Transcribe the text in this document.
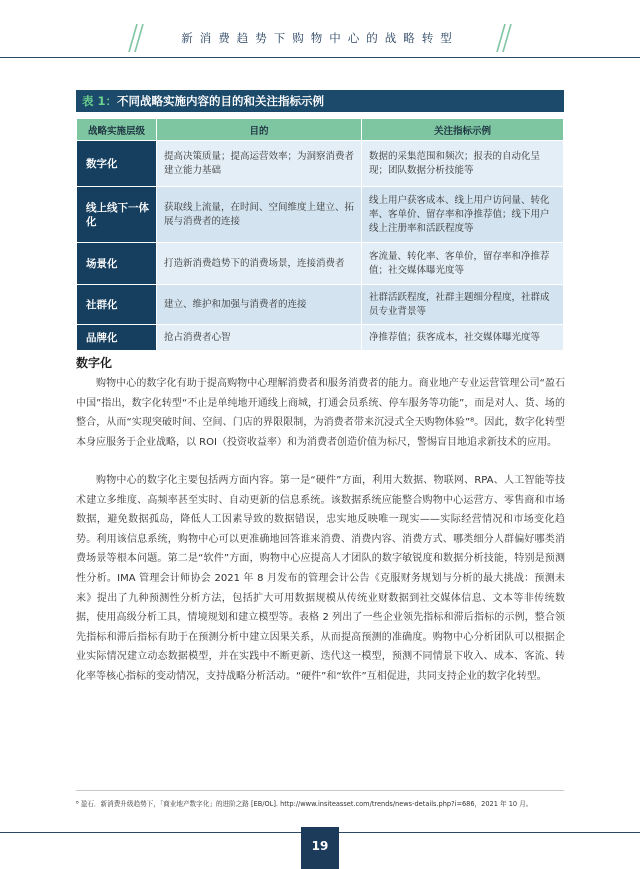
新消费趋势下购物中心的战略转型
表 1：不同战略实施内容的目的和关注指标示例
战略实施层级	目的	关注指标示例
数字化	提高决策质量；提高运营效率；为洞察消费者建立能力基础	数据的采集范围和频次；报表的自动化呈现；团队数据分析技能等
线上线下一体化	获取线上流量，在时间、空间维度上建立、拓展与消费者的连接	线上用户获客成本、线上用户访问量、转化率、客单价、留存率和净推荐值；线下用户线上注册率和活跃程度等
场景化	打造新消费趋势下的消费场景，连接消费者	客流量、转化率、客单价，留存率和净推荐值；社交媒体曝光度等
社群化	建立、维护和加强与消费者的连接	社群活跃程度，社群主题细分程度，社群成员专业背景等
品牌化	抢占消费者心智	净推荐值；获客成本，社交媒体曝光度等
数字化

购物中心的数字化有助于提高购物中心理解消费者和服务消费者的能力。商业地产专业运营管理公司“盈石中国”指出，数字化转型“不止是单纯地开通线上商城，打通会员系统、停车服务等功能”，而是对人、货、场的整合，从而“实现突破时间、空间、门店的界限限制，为消费者带来沉浸式全天购物体验”⁸。因此，数字化转型本身应服务于企业战略，以 ROI（投资收益率）和为消费者创造价值为标尺，警惕盲目地追求新技术的应用。

购物中心的数字化主要包括两方面内容。第一是“硬件”方面，利用大数据、物联网、RPA、人工智能等技术建立多维度、高频率甚至实时、自动更新的信息系统。该数据系统应能整合购物中心运营方、零售商和市场数据，避免数据孤岛，降低人工因素导致的数据错误，忠实地反映唯一现实——实际经营情况和市场变化趋势。利用该信息系统，购物中心可以更准确地回答谁来消费、消费内容、消费方式、哪类细分人群偏好哪类消费场景等根本问题。第二是“软件”方面，购物中心应提高人才团队的数字敏锐度和数据分析技能，特别是预测性分析。IMA 管理会计师协会 2021 年 8 月发布的管理会计公告《克服财务规划与分析的最大挑战：预测未来》提出了九种预测性分析方法，包括扩大可用数据规模从传统业财数据到社交媒体信息、文本等非传统数据，使用高级分析工具，情境规划和建立模型等。表格 2 列出了一些企业领先指标和滞后指标的示例，整合领先指标和滞后指标有助于在预测分析中建立因果关系，从而提高预测的准确度。购物中心分析团队可以根据企业实际情况建立动态数据模型，并在实践中不断更新、迭代这一模型，预测不同情景下收入、成本、客流、转化率等核心指标的变动情况，支持战略分析活动。“硬件”和“软件”互相促进，共同支持企业的数字化转型。

⁸ 盈石．新消费升级趋势下，「商业地产数字化」的进阶之路 [EB/OL]. http://www.insiteasset.com/trends/news-details.php?i=686，2021 年 10 月。
19
